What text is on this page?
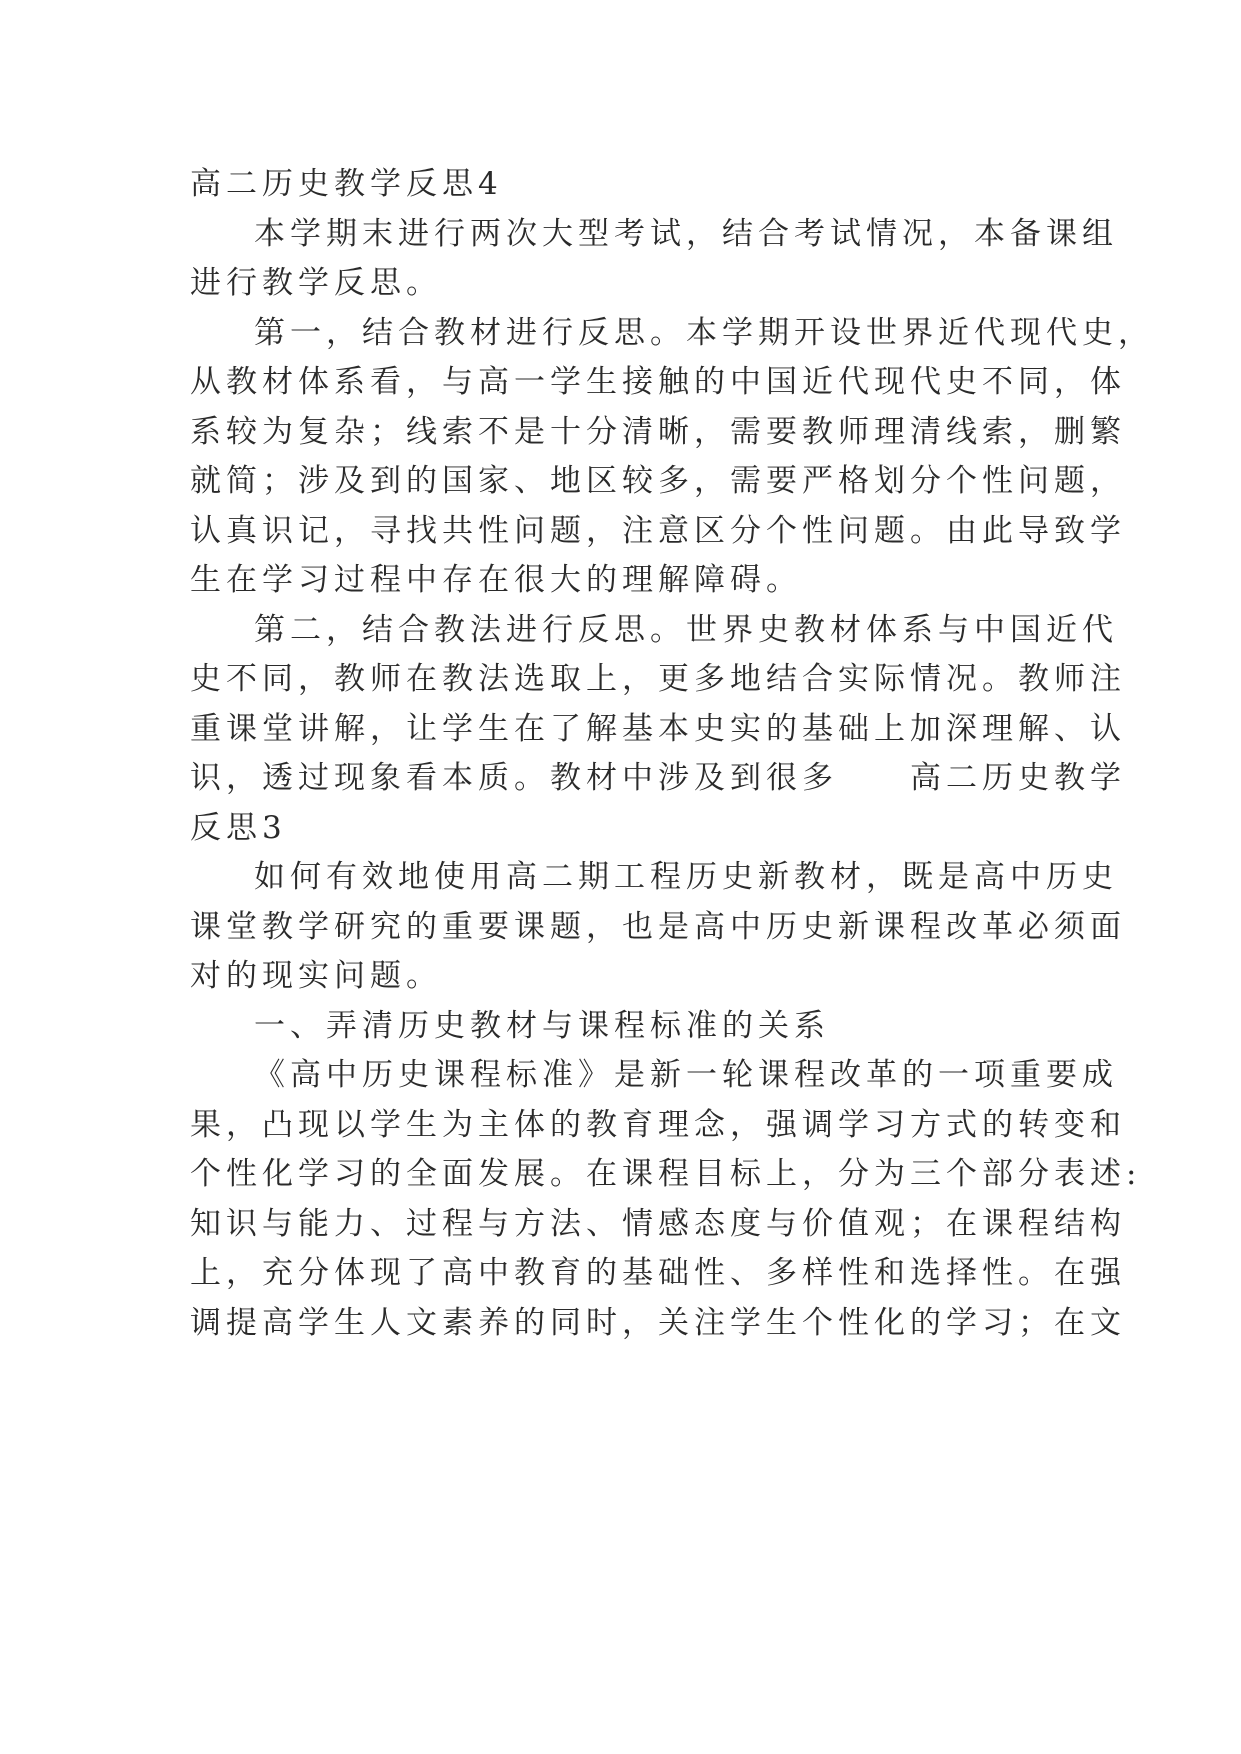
高二历史教学反思4
本学期末进行两次大型考试，结合考试情况，本备课组
进行教学反思。
第一，结合教材进行反思。本学期开设世界近代现代史，
从教材体系看，与高一学生接触的中国近代现代史不同，体
系较为复杂；线索不是十分清晰，需要教师理清线索，删繁
就简；涉及到的国家、地区较多，需要严格划分个性问题，
认真识记，寻找共性问题，注意区分个性问题。由此导致学
生在学习过程中存在很大的理解障碍。
第二，结合教法进行反思。世界史教材体系与中国近代
史不同，教师在教法选取上，更多地结合实际情况。教师注
重课堂讲解，让学生在了解基本史实的基础上加深理解、认
识，透过现象看本质。教材中涉及到很多　　高二历史教学
反思3
如何有效地使用高二期工程历史新教材，既是高中历史
课堂教学研究的重要课题，也是高中历史新课程改革必须面
对的现实问题。
一、弄清历史教材与课程标准的关系
《高中历史课程标准》是新一轮课程改革的一项重要成
果，凸现以学生为主体的教育理念，强调学习方式的转变和
个性化学习的全面发展。在课程目标上，分为三个部分表述:
知识与能力、过程与方法、情感态度与价值观；在课程结构
上，充分体现了高中教育的基础性、多样性和选择性。在强
调提高学生人文素养的同时，关注学生个性化的学习；在文
